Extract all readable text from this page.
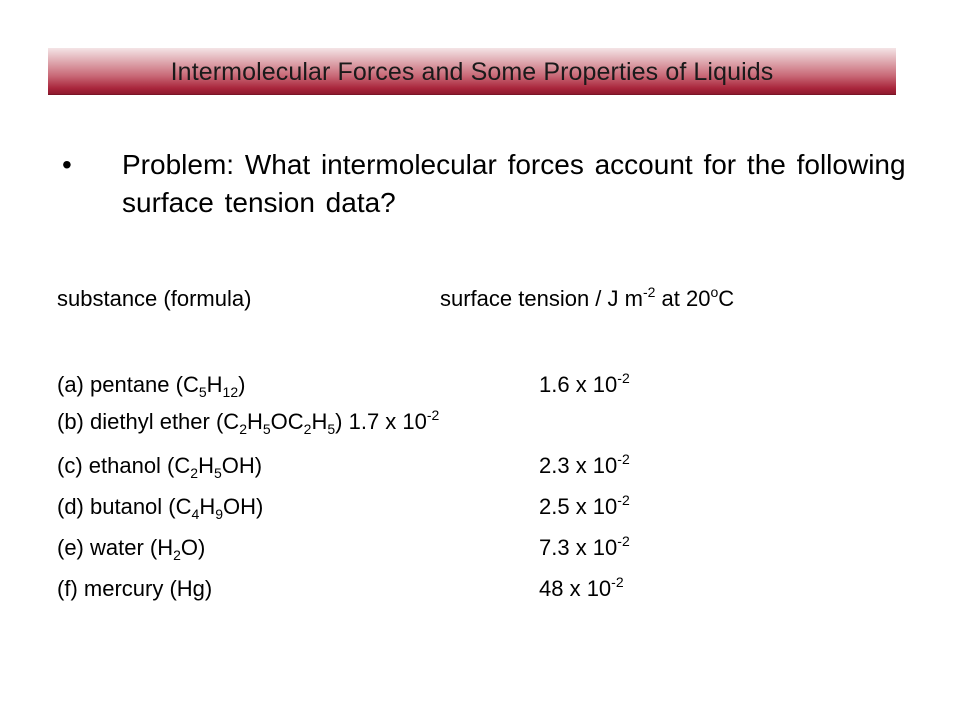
Intermolecular Forces and Some Properties of Liquids
• Problem: What intermolecular forces account for the following surface tension data?
substance (formula)	surface tension / J $m^{-2}$ at 20$^o$C
(a) pentane $(C_5H_{12})$	1.6 x $10^{-2}$
(b) diethyl ether $(C_2H_5OC_2H_5)$ 1.7 x $10^{-2}$
(c) ethanol $(C_2H_5OH)$	2.3 x $10^{-2}$
(d) butanol $(C_4H_9OH)$	2.5 x $10^{-2}$
(e) water $(H_2O)$	7.3 x $10^{-2}$
(f) mercury (Hg)	48 x $10^{-2}$
